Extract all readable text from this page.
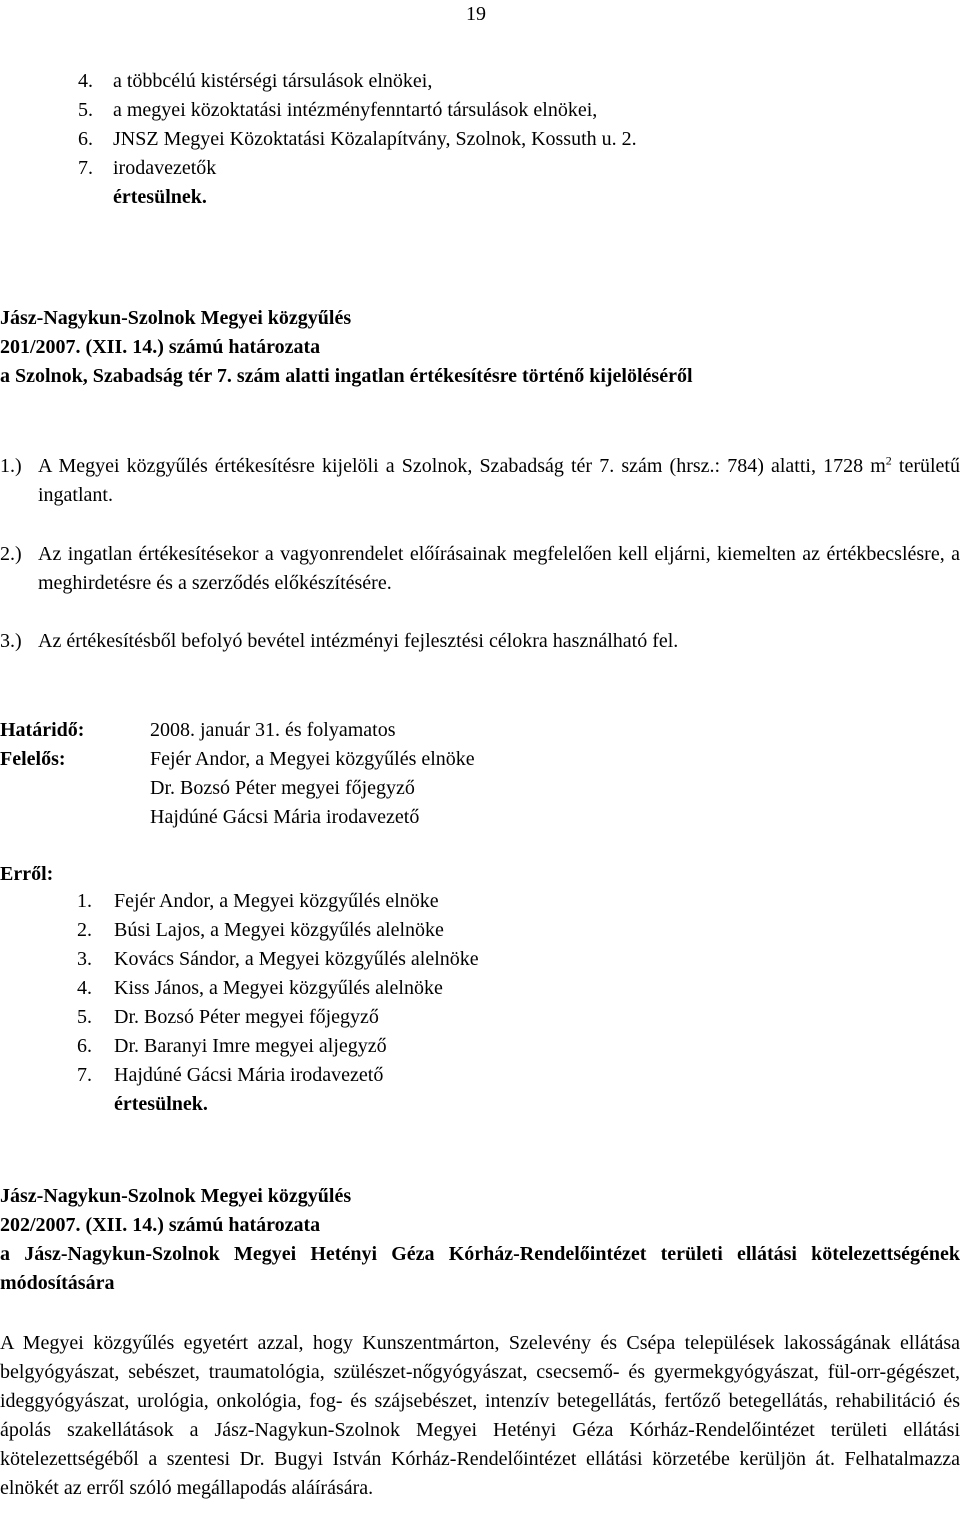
19
4.	a többcélú kistérségi társulások elnökei,
5.	a megyei közoktatási intézményfenntartó társulások elnökei,
6.	JNSZ Megyei Közoktatási Közalapítvány, Szolnok, Kossuth u. 2.
7.	irodavezetők
értesülnek.
Jász-Nagykun-Szolnok Megyei közgyűlés
201/2007. (XII. 14.) számú határozata
a Szolnok, Szabadság tér 7. szám alatti ingatlan értékesítésre történő kijelöléséről
1.) A Megyei közgyűlés értékesítésre kijelöli a Szolnok, Szabadság tér 7. szám (hrsz.: 784) alatti, 1728 $m^2$ területű ingatlant.
2.) Az ingatlan értékesítésekor a vagyonrendelet előírásainak megfelelően kell eljárni, kiemelten az értékbecslésre, a meghirdetésre és a szerződés előkészítésére.
3.) Az értékesítésből befolyó bevétel intézményi fejlesztési célokra használható fel.
Határidő:	2008. január 31. és folyamatos
Felelős:	Fejér Andor, a Megyei közgyűlés elnöke
Dr. Bozsó Péter megyei főjegyző
Hajdúné Gácsi Mária irodavezető
Erről:
1.	Fejér Andor, a Megyei közgyűlés elnöke
2.	Búsi Lajos, a Megyei közgyűlés alelnöke
3.	Kovács Sándor, a Megyei közgyűlés alelnöke
4.	Kiss János, a Megyei közgyűlés alelnöke
5.	Dr. Bozsó Péter megyei főjegyző
6.	Dr. Baranyi Imre megyei aljegyző
7.	Hajdúné Gácsi Mária irodavezető
értesülnek.
Jász-Nagykun-Szolnok Megyei közgyűlés
202/2007. (XII. 14.) számú határozata
a Jász-Nagykun-Szolnok Megyei Hetényi Géza Kórház-Rendelőintézet területi ellátási kötelezettségének módosítására
A Megyei közgyűlés egyetért azzal, hogy Kunszentmárton, Szelevény és Csépa települések lakosságának ellátása belgyógyászat, sebészet, traumatológia, szülészet-nőgyógyászat, csecsemő- és gyermekgyógyászat, fül-orr-gégészet, ideggyógyászat, urológia, onkológia, fog- és szájsebészet, intenzív betegellátás, fertőző betegellátás, rehabilitáció és ápolás szakellátások a Jász-Nagykun-Szolnok Megyei Hetényi Géza Kórház-Rendelőintézet területi ellátási kötelezettségéből a szentesi Dr. Bugyi István Kórház-Rendelőintézet ellátási körzetébe kerüljön át. Felhatalmazza elnökét az erről szóló megállapodás aláírására.
